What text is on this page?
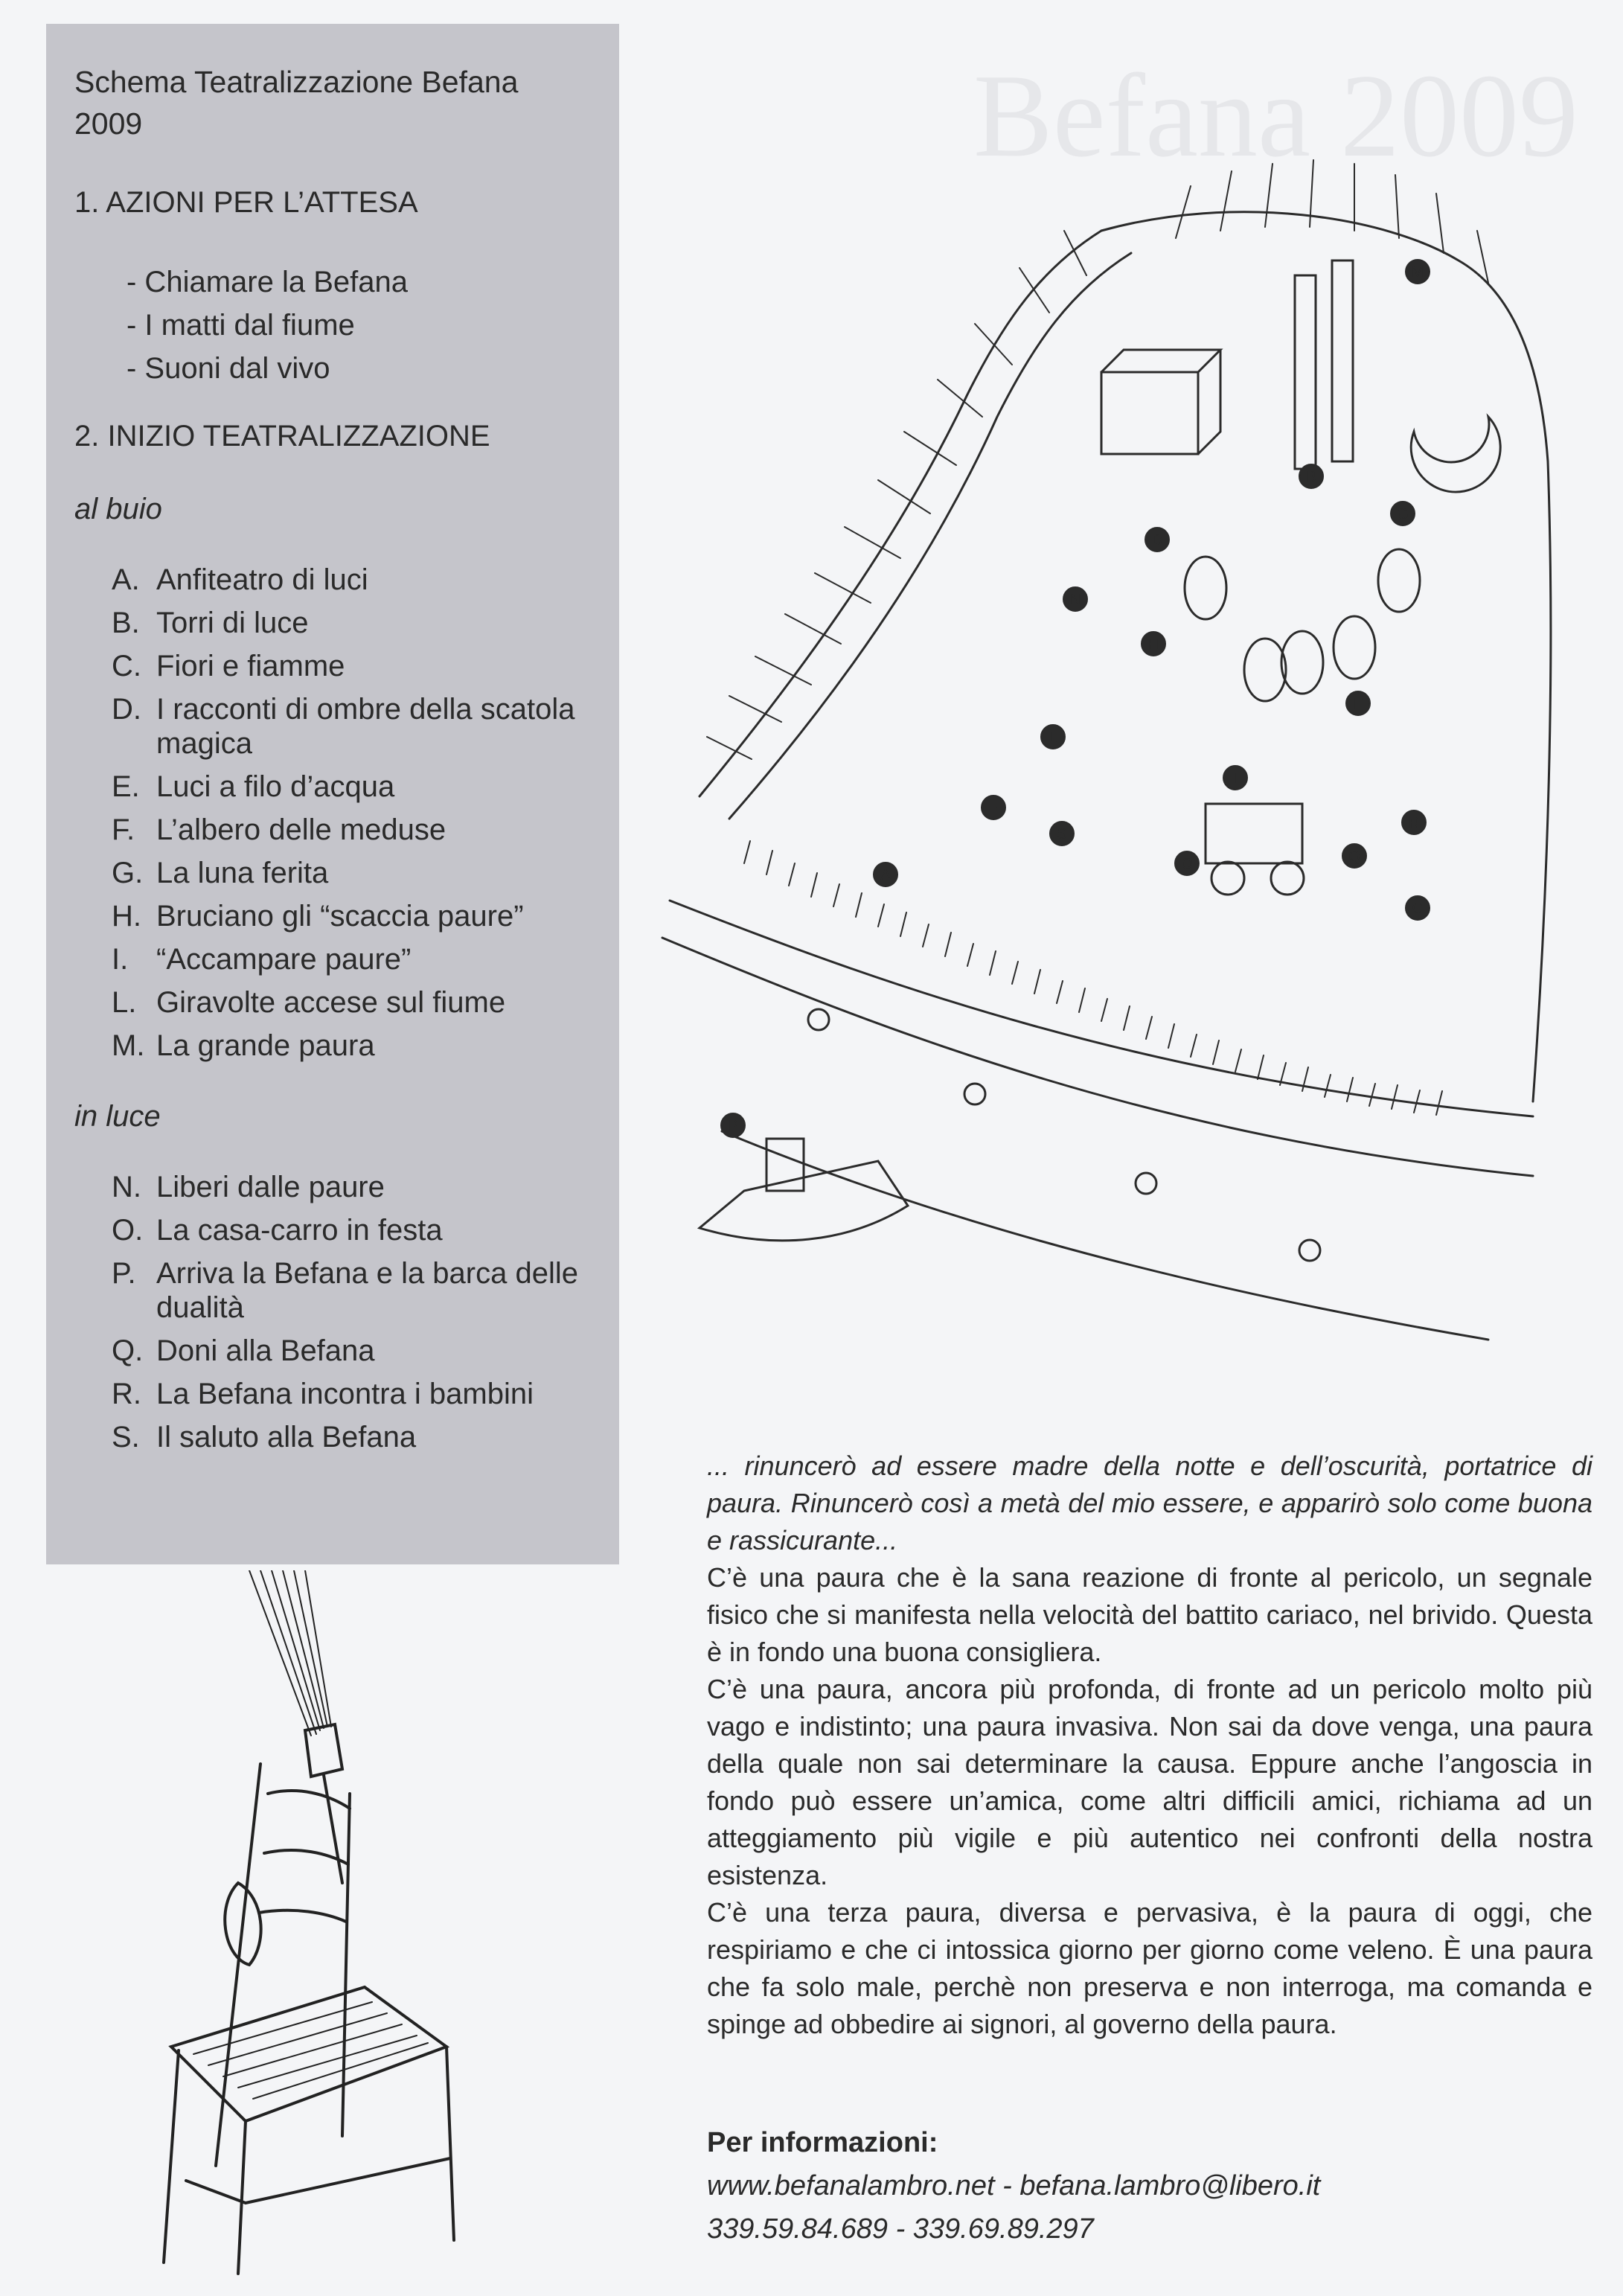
Befana 2009

Schema Teatralizzazione Befana 2009

1. AZIONI PER L’ATTESA
- Chiamare la Befana
- I matti dal fiume
- Suoni dal vivo
2. INIZIO TEATRALIZZAZIONE

al buio

A. Anfiteatro di luci
B. Torri di luce
C. Fiori e fiamme
D. I racconti di ombre della scatola magica
E. Luci a filo d’acqua
F. L’albero delle meduse
G. La luna ferita
H. Bruciano gli “scaccia paure”
I. “Accampare paure”
L. Giravolte accese sul fiume
M. La grande paura

in luce

N. Liberi dalle paure
O. La casa-carro in festa
P. Arriva la Befana e la barca delle dualità
Q. Doni alla Befana
R. La Befana incontra i bambini
S. Il saluto alla Befana
A
B
C
D
E
F
G
H
I
L
M
N
O
P
Q
R
S

... rinuncerò ad essere madre della notte e dell’oscurità, portatrice di paura. Rinuncerò così a metà del mio essere, e apparirò solo come buona e rassicurante...

C’è una paura che è la sana reazione di fronte al pericolo, un segnale fisico che si manifesta nella velocità del battito cariaco, nel brivido. Questa è in fondo una buona consigliera.

C’è una paura, ancora più profonda, di fronte ad un pericolo molto più vago e indistinto; una paura invasiva. Non sai da dove venga, una paura della quale non sai determinare la causa. Eppure anche l’angoscia in fondo può essere un’amica, come altri difficili amici, richiama ad un atteggiamento più vigile e più autentico nei confronti della nostra esistenza.

C’è una terza paura, diversa e pervasiva, è la paura di oggi, che respiriamo e che ci intossica giorno per giorno come veleno. È una paura che fa solo male, perchè non preserva e non interroga, ma comanda e spinge ad obbedire ai signori, al governo della paura.

Per informazioni:
www.befanalambro.net - befana.lambro@libero.it
339.59.84.689 - 339.69.89.297
